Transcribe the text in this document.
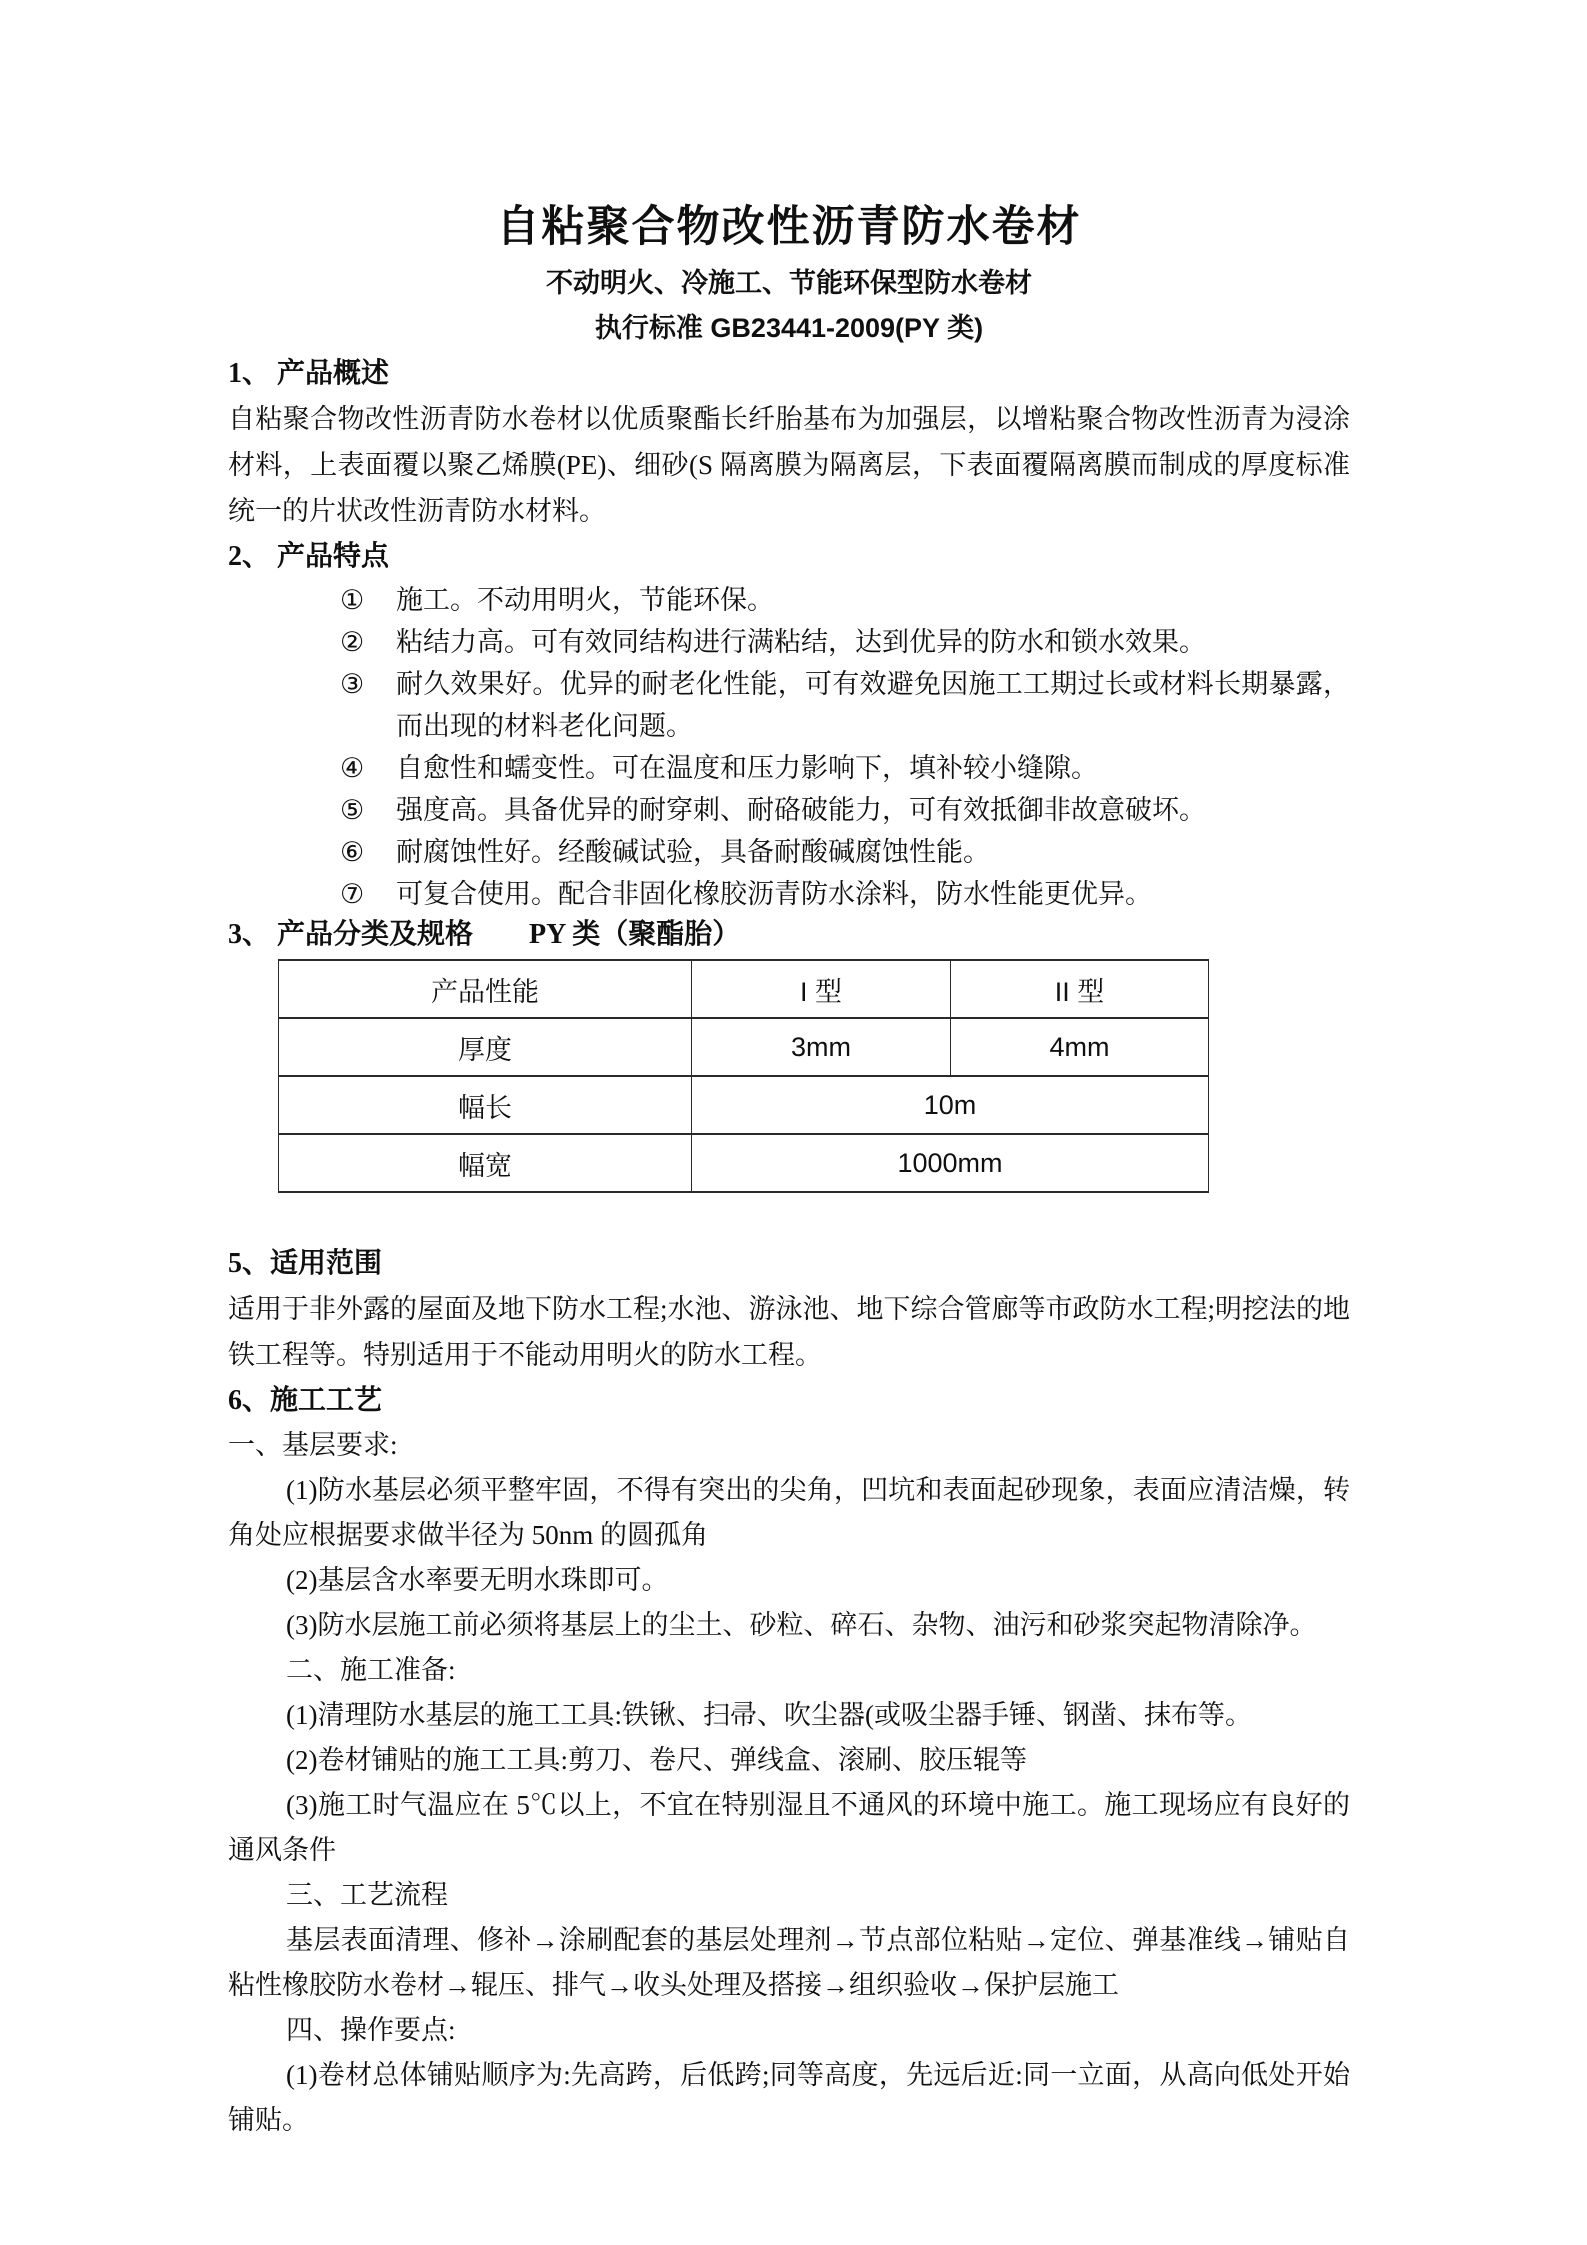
自粘聚合物改性沥青防水卷材
不动明火、冷施工、节能环保型防水卷材
执行标准 GB23441-2009(PY 类)
1、 产品概述

自粘聚合物改性沥青防水卷材以优质聚酯长纤胎基布为加强层，以增粘聚合物改性沥青为浸涂材料，上表面覆以聚乙烯膜(PE)、细砂(S 隔离膜为隔离层，下表面覆隔离膜而制成的厚度标准统一的片状改性沥青防水材料。

2、 产品特点
①	施工。不动用明火，节能环保。
②	粘结力高。可有效同结构进行满粘结，达到优异的防水和锁水效果。
③	耐久效果好。优异的耐老化性能，可有效避免因施工工期过长或材料长期暴露，而出现的材料老化问题。
④	自愈性和蠕变性。可在温度和压力影响下，填补较小缝隙。
⑤	强度高。具备优异的耐穿刺、耐硌破能力，可有效抵御非故意破坏。
⑥	耐腐蚀性好。经酸碱试验，具备耐酸碱腐蚀性能。
⑦	可复合使用。配合非固化橡胶沥青防水涂料，防水性能更优异。
3、 产品分类及规格　　PY 类（聚酯胎）
产品性能	I 型	II 型
厚度	3mm	4mm
幅长	10m	
幅宽	1000mm	
5、适用范围

适用于非外露的屋面及地下防水工程;水池、游泳池、地下综合管廊等市政防水工程;明挖法的地铁工程等。特别适用于不能动用明火的防水工程。

6、施工工艺

一、基层要求:

(1)防水基层必须平整牢固，不得有突出的尖角，凹坑和表面起砂现象，表面应清洁燥，转角处应根据要求做半径为 50nm 的圆孤角

(2)基层含水率要无明水珠即可。

(3)防水层施工前必须将基层上的尘土、砂粒、碎石、杂物、油污和砂浆突起物清除净。

二、施工准备:

(1)清理防水基层的施工工具:铁锹、扫帚、吹尘器(或吸尘器手锤、钢凿、抹布等。

(2)卷材铺贴的施工工具:剪刀、卷尺、弹线盒、滚刷、胶压辊等

(3)施工时气温应在 5℃以上，不宜在特别湿且不通风的环境中施工。施工现场应有良好的通风条件

三、工艺流程

基层表面清理、修补→涂刷配套的基层处理剂→节点部位粘贴→定位、弹基准线→铺贴自粘性橡胶防水卷材→辊压、排气→收头处理及搭接→组织验收→保护层施工

四、操作要点:

(1)卷材总体铺贴顺序为:先高跨，后低跨;同等高度，先远后近:同一立面，从高向低处开始铺贴。
